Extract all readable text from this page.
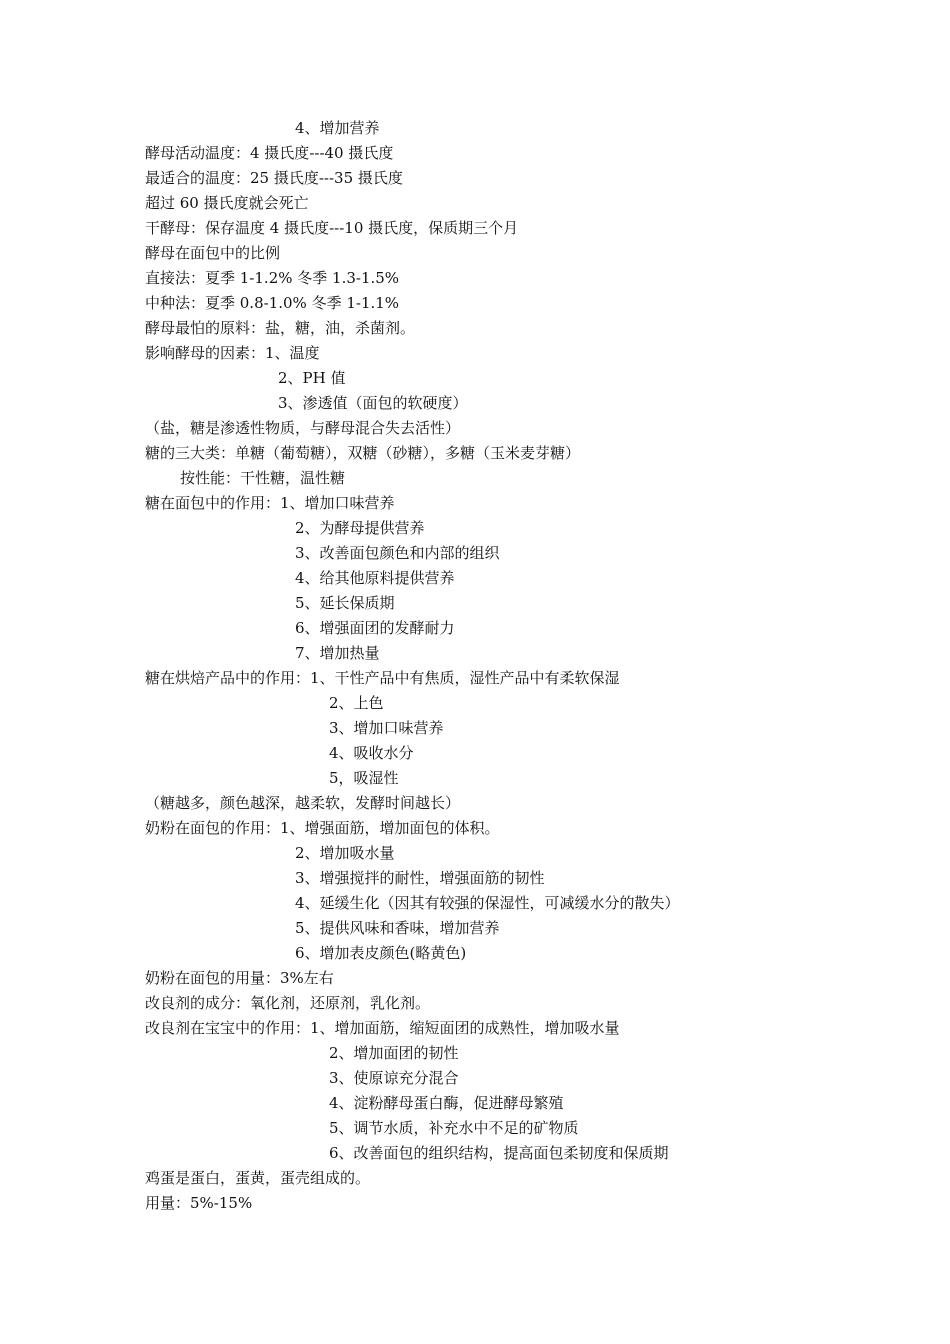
4、增加营养
酵母活动温度：4 摄氏度---40 摄氏度
最适合的温度：25 摄氏度---35 摄氏度
超过 60 摄氏度就会死亡
干酵母：保存温度 4 摄氏度---10 摄氏度，保质期三个月
酵母在面包中的比例
直接法：夏季 1-1.2% 冬季 1.3-1.5%
中种法：夏季 0.8-1.0% 冬季 1-1.1%
酵母最怕的原料：盐，糖，油，杀菌剂。
影响酵母的因素：1、温度
2、PH 值
3、渗透值（面包的软硬度）
（盐，糖是渗透性物质，与酵母混合失去活性）
糖的三大类：单糖（葡萄糖），双糖（砂糖），多糖（玉米麦芽糖）
按性能：干性糖，温性糖
糖在面包中的作用：1、增加口味营养
2、为酵母提供营养
3、改善面包颜色和内部的组织
4、给其他原料提供营养
5、延长保质期
6、增强面团的发酵耐力
7、增加热量
糖在烘焙产品中的作用：1、干性产品中有焦质，湿性产品中有柔软保湿
2、上色
3、增加口味营养
4、吸收水分
5，吸湿性
（糖越多，颜色越深，越柔软，发酵时间越长）
奶粉在面包的作用：1、增强面筋，增加面包的体积。
2、增加吸水量
3、增强搅拌的耐性，增强面筋的韧性
4、延缓生化（因其有较强的保湿性，可减缓水分的散失）
5、提供风味和香味，增加营养
6、增加表皮颜色(略黄色)
奶粉在面包的用量：3%左右
改良剂的成分：氧化剂，还原剂，乳化剂。
改良剂在宝宝中的作用：1、增加面筋，缩短面团的成熟性，增加吸水量
2、增加面团的韧性
3、使原谅充分混合
4、淀粉酵母蛋白酶，促进酵母繁殖
5、调节水质，补充水中不足的矿物质
6、改善面包的组织结构，提高面包柔韧度和保质期
鸡蛋是蛋白，蛋黄，蛋壳组成的。
用量：5%-15%
